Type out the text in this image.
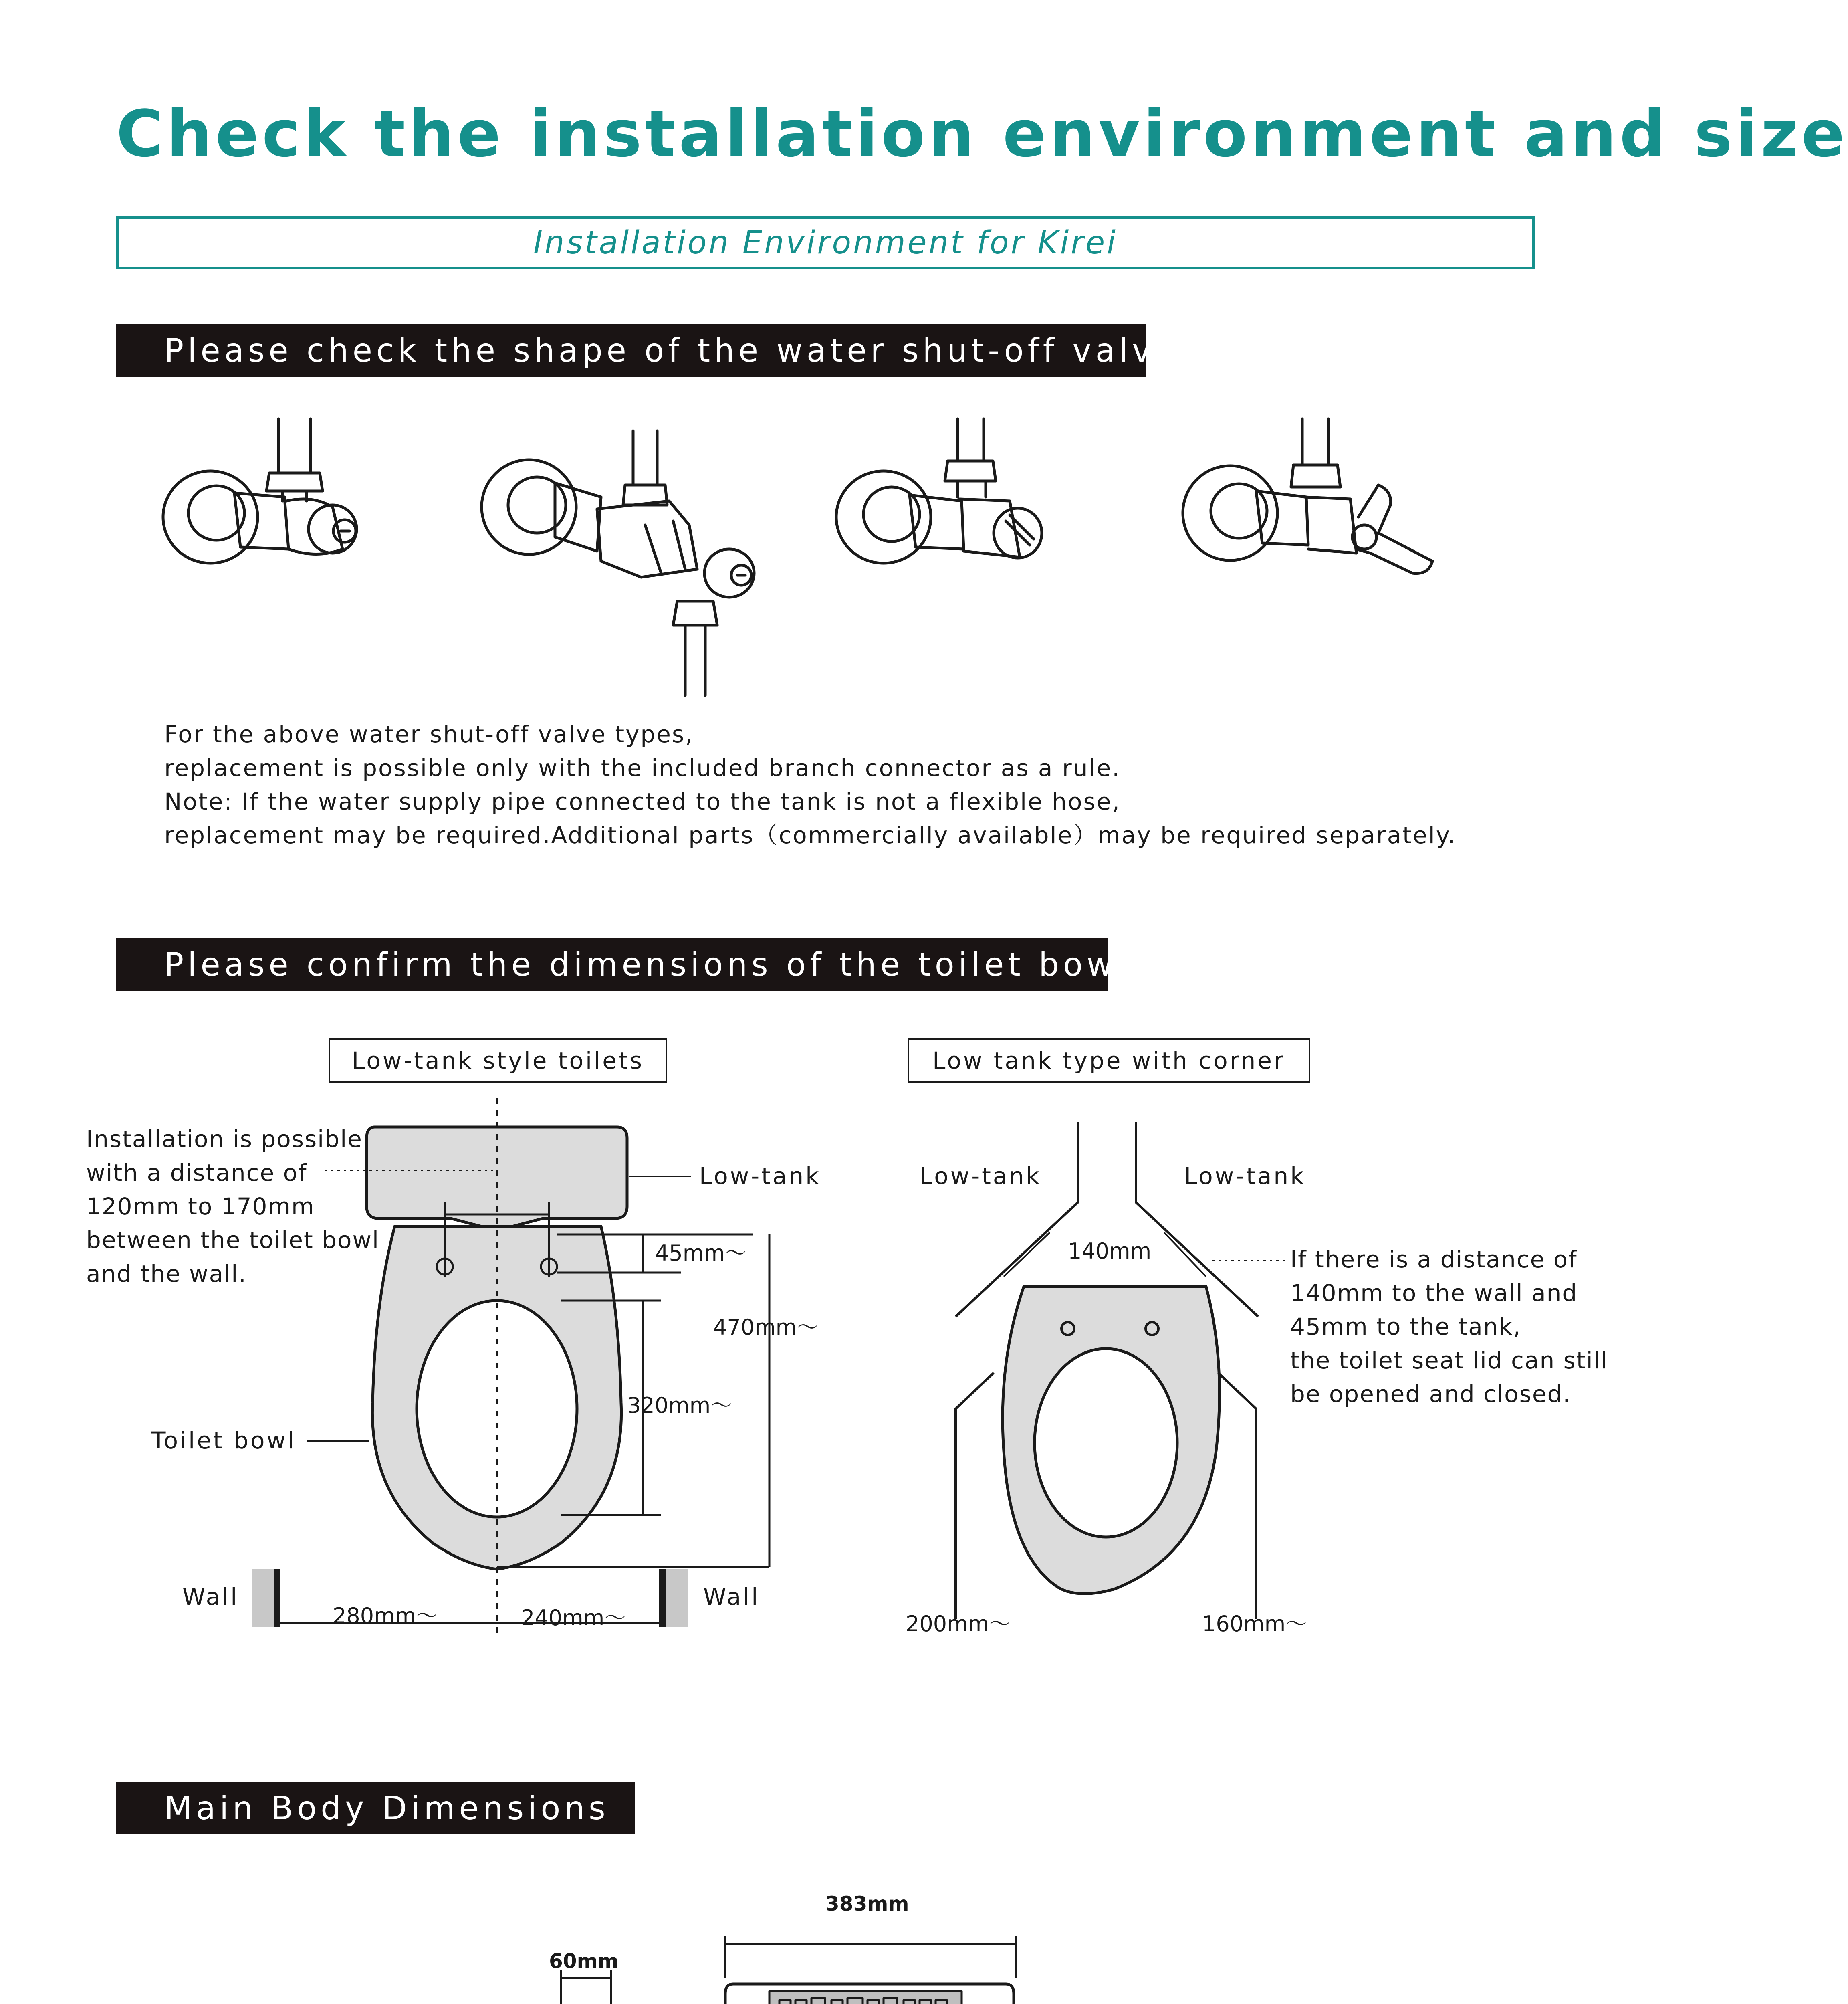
Check the installation environment and size
Installation Environment for Kirei
Please check the shape of the water shut-off valve
For the above water shut-off valve types,
replacement is possible only with the included branch connector as a rule.
Note: If the water supply pipe connected to the tank is not a flexible hose,
replacement may be required.Additional parts（commercially available）may be required separately.
Please confirm the dimensions of the toilet bowl
Low-tank style toilets
Installation is possible
with a distance of
120mm to 170mm
between the toilet bowl
and the wall.
Low-tank
Toilet bowl
Wall	Wall
45mm〜
470mm〜
320mm〜
280mm〜	240mm〜
Low tank type with corner
Low-tank	Low-tank
140mm	If there is a distance of
140mm to the wall and
45mm to the tank,
the toilet seat lid can still
be opened and closed.
200mm〜	160mm〜
Main Body Dimensions
60mm
383mm
